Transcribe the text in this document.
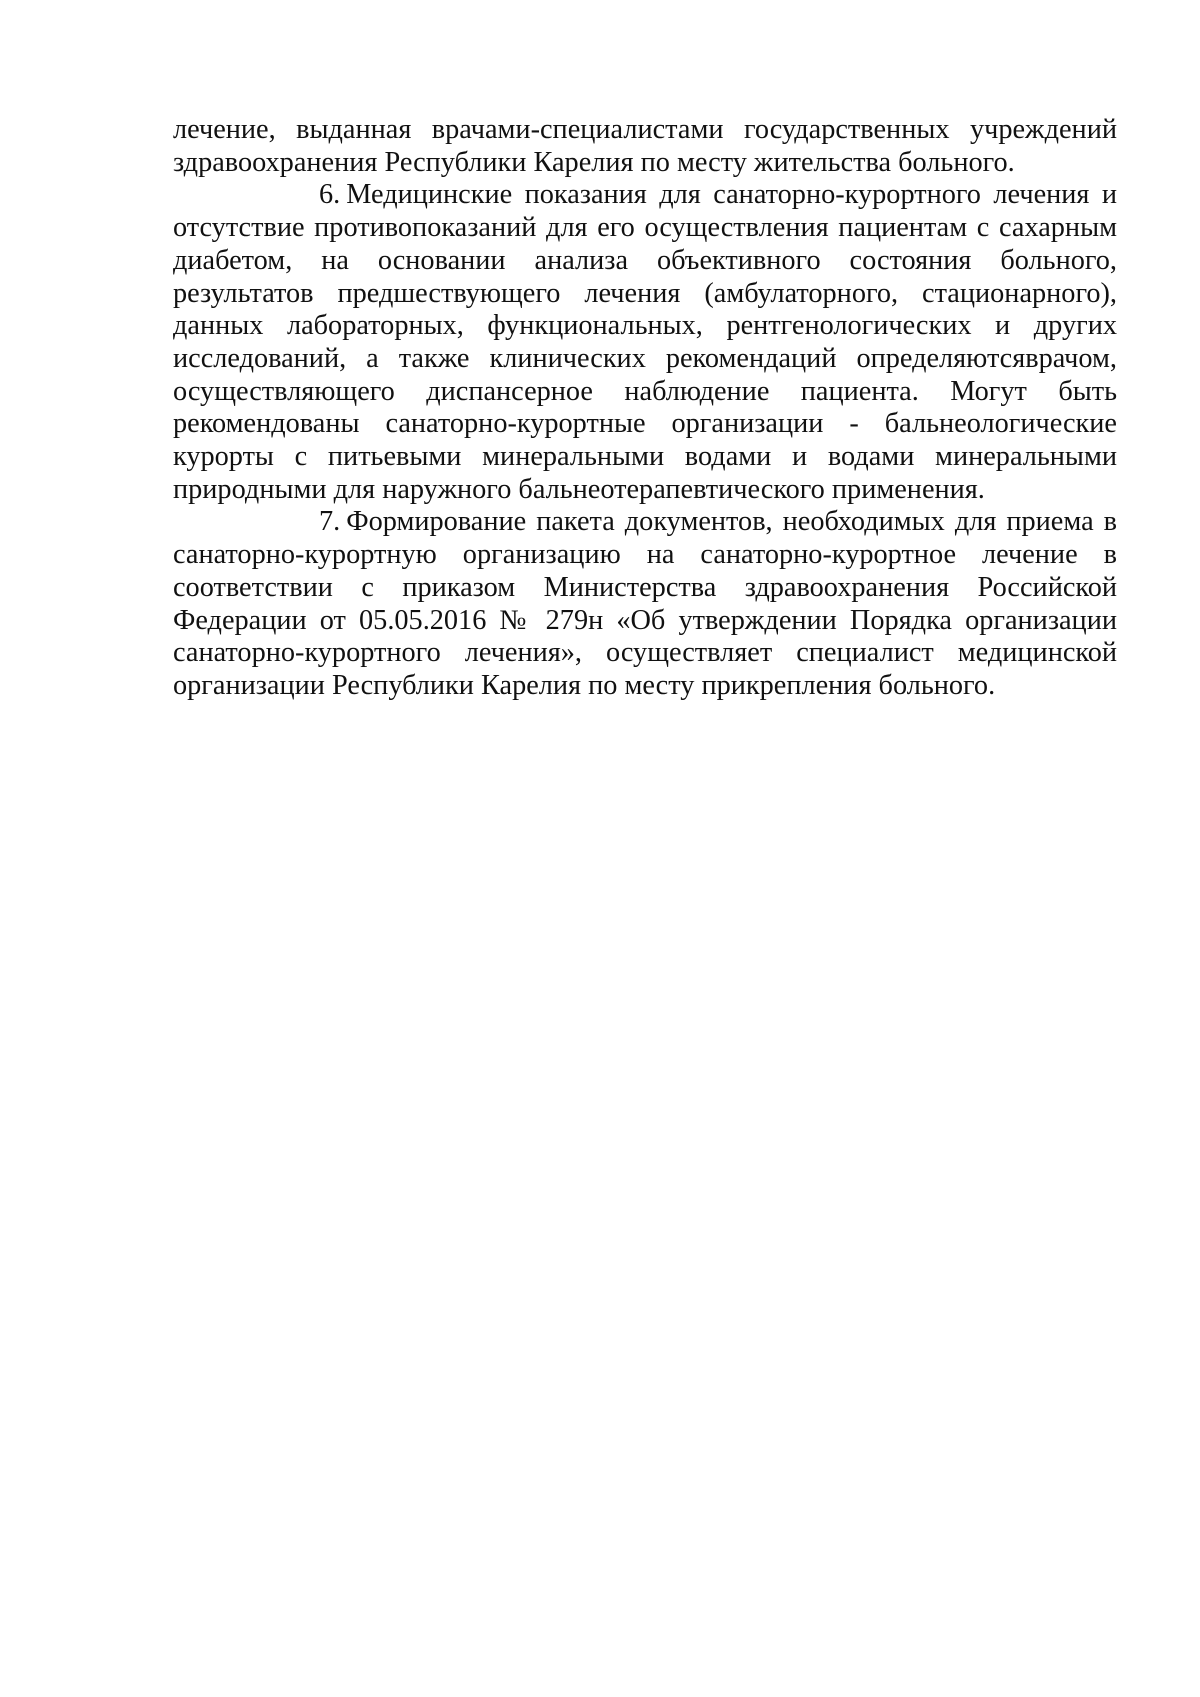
лечение, выданная врачами-специалистами государственных учреждений здравоохранения Республики Карелия по месту жительства больного.

6. Медицинские показания для санаторно-курортного лечения и отсутствие противопоказаний для его осуществления пациентам с сахарным диабетом, на основании анализа объективного состояния больного, результатов предшествующего лечения (амбулаторного, стационарного), данных лабораторных, функциональных, рентгенологических и других исследований, а также клинических рекомендаций определяютсяврачом, осуществляющего диспансерное наблюдение пациента. Могут быть рекомендованы санаторно-курортные организации - бальнеологические курорты с питьевыми минеральными водами и водами минеральными природными для наружного бальнеотерапевтического применения.

7. Формирование пакета документов, необходимых для приема в санаторно-курортную организацию на санаторно-курортное лечение в соответствии с приказом Министерства здравоохранения Российской Федерации от 05.05.2016 № 279н «Об утверждении Порядка организации санаторно-курортного лечения», осуществляет специалист медицинской организации Республики Карелия по месту прикрепления больного.
